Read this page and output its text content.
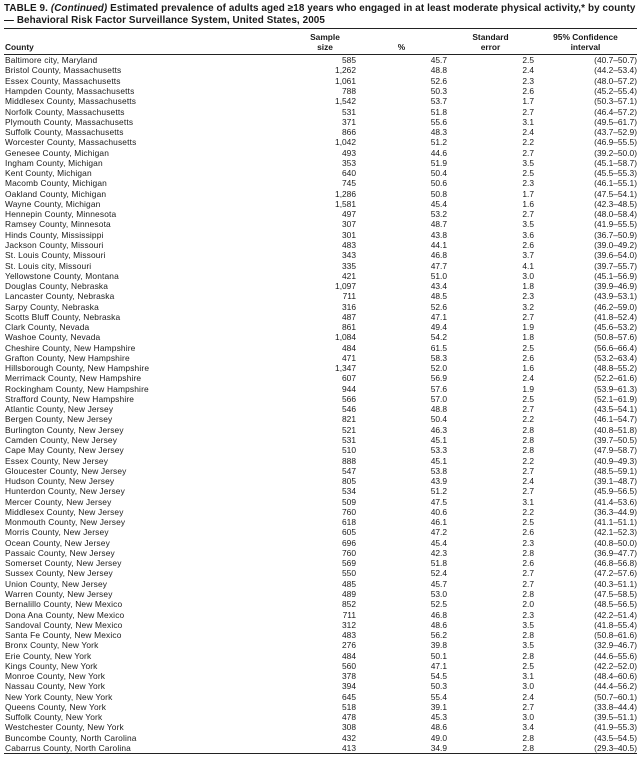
TABLE 9. (Continued) Estimated prevalence of adults aged ≥18 years who engaged in at least moderate physical activity,* by county — Behavioral Risk Factor Surveillance System, United States, 2005

County

Sample
size	%

Standard
error

95% Confidence
interval

Baltimore city, Maryland	585	45.7	2.5	(40.7–50.7)
Bristol County, Massachusetts	1,262	48.8	2.4	(44.2–53.4)
Essex County, Massachusetts	1,061	52.6	2.3	(48.0–57.2)
Hampden County, Massachusetts	788	50.3	2.6	(45.2–55.4)
Middlesex County, Massachusetts	1,542	53.7	1.7	(50.3–57.1)
Norfolk County, Massachusetts	531	51.8	2.7	(46.4–57.2)
Plymouth County, Massachusetts	371	55.6	3.1	(49.5–61.7)
Suffolk County, Massachusetts	866	48.3	2.4	(43.7–52.9)
Worcester County, Massachusetts	1,042	51.2	2.2	(46.9–55.5)
Genesee County, Michigan	493	44.6	2.7	(39.2–50.0)
Ingham County, Michigan	353	51.9	3.5	(45.1–58.7)
Kent County, Michigan	640	50.4	2.5	(45.5–55.3)
Macomb County, Michigan	745	50.6	2.3	(46.1–55.1)
Oakland County, Michigan	1,286	50.8	1.7	(47.5–54.1)
Wayne County, Michigan	1,581	45.4	1.6	(42.3–48.5)
Hennepin County, Minnesota	497	53.2	2.7	(48.0–58.4)
Ramsey County, Minnesota	307	48.7	3.5	(41.9–55.5)
Hinds County, Mississippi	301	43.8	3.6	(36.7–50.9)
Jackson County, Missouri	483	44.1	2.6	(39.0–49.2)
St. Louis County, Missouri	343	46.8	3.7	(39.6–54.0)
St. Louis city, Missouri	335	47.7	4.1	(39.7–55.7)
Yellowstone County, Montana	421	51.0	3.0	(45.1–56.9)
Douglas County, Nebraska	1,097	43.4	1.8	(39.9–46.9)
Lancaster County, Nebraska	711	48.5	2.3	(43.9–53.1)
Sarpy County, Nebraska	316	52.6	3.2	(46.2–59.0)
Scotts Bluff County, Nebraska	487	47.1	2.7	(41.8–52.4)
Clark County, Nevada	861	49.4	1.9	(45.6–53.2)
Washoe County, Nevada	1,084	54.2	1.8	(50.8–57.6)
Cheshire County, New Hampshire	484	61.5	2.5	(56.6–66.4)
Grafton County, New Hampshire	471	58.3	2.6	(53.2–63.4)
Hillsborough County, New Hampshire	1,347	52.0	1.6	(48.8–55.2)
Merrimack County, New Hampshire	607	56.9	2.4	(52.2–61.6)
Rockingham County, New Hampshire	944	57.6	1.9	(53.9–61.3)
Strafford County, New Hampshire	566	57.0	2.5	(52.1–61.9)
Atlantic County, New Jersey	546	48.8	2.7	(43.5–54.1)
Bergen County, New Jersey	821	50.4	2.2	(46.1–54.7)
Burlington County, New Jersey	521	46.3	2.8	(40.8–51.8)
Camden County, New Jersey	531	45.1	2.8	(39.7–50.5)
Cape May County, New Jersey	510	53.3	2.8	(47.9–58.7)
Essex County, New Jersey	888	45.1	2.2	(40.9–49.3)
Gloucester County, New Jersey	547	53.8	2.7	(48.5–59.1)
Hudson County, New Jersey	805	43.9	2.4	(39.1–48.7)
Hunterdon County, New Jersey	534	51.2	2.7	(45.9–56.5)
Mercer County, New Jersey	509	47.5	3.1	(41.4–53.6)
Middlesex County, New Jersey	760	40.6	2.2	(36.3–44.9)
Monmouth County, New Jersey	618	46.1	2.5	(41.1–51.1)
Morris County, New Jersey	605	47.2	2.6	(42.1–52.3)
Ocean County, New Jersey	696	45.4	2.3	(40.8–50.0)
Passaic County, New Jersey	760	42.3	2.8	(36.9–47.7)
Somerset County, New Jersey	569	51.8	2.6	(46.8–56.8)
Sussex County, New Jersey	550	52.4	2.7	(47.2–57.6)
Union County, New Jersey	485	45.7	2.7	(40.3–51.1)
Warren County, New Jersey	489	53.0	2.8	(47.5–58.5)
Bernalillo County, New Mexico	852	52.5	2.0	(48.5–56.5)
Dona Ana County, New Mexico	711	46.8	2.3	(42.2–51.4)
Sandoval County, New Mexico	312	48.6	3.5	(41.8–55.4)
Santa Fe County, New Mexico	483	56.2	2.8	(50.8–61.6)
Bronx County, New York	276	39.8	3.5	(32.9–46.7)
Erie County, New York	484	50.1	2.8	(44.6–55.6)
Kings County, New York	560	47.1	2.5	(42.2–52.0)
Monroe County, New York	378	54.5	3.1	(48.4–60.6)
Nassau County, New York	394	50.3	3.0	(44.4–56.2)
New York County, New York	645	55.4	2.4	(50.7–60.1)
Queens County, New York	518	39.1	2.7	(33.8–44.4)
Suffolk County, New York	478	45.3	3.0	(39.5–51.1)
Westchester County, New York	308	48.6	3.4	(41.9–55.3)
Buncombe County, North Carolina	432	49.0	2.8	(43.5–54.5)
Cabarrus County, North Carolina	413	34.9	2.8	(29.3–40.5)
